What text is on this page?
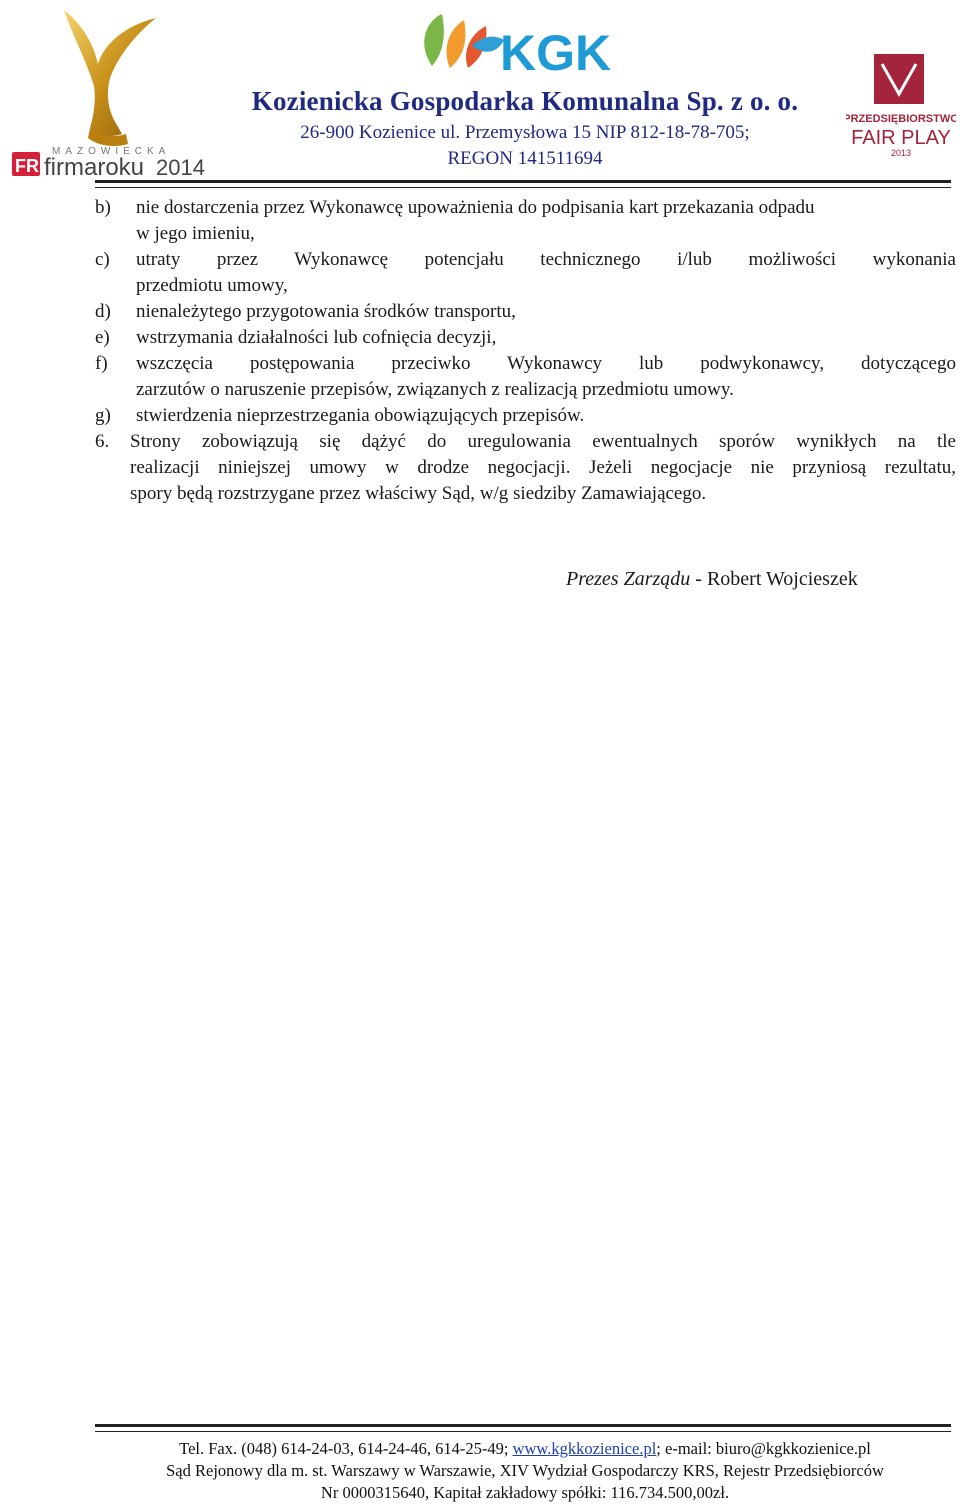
MAZOWIECKA
FR firmaroku 2014
KGK
Kozienicka Gospodarka Komunalna Sp. z o. o.
26-900 Kozienice ul. Przemysłowa 15 NIP 812-18-78-705;
REGON 141511694
PRZEDSIĘBIORSTWO
FAIR PLAY
2013
b) nie dostarczenia przez Wykonawcę upoważnienia do podpisania kart przekazania odpadu
w jego imieniu,
c) utraty przez Wykonawcę potencjału technicznego i/lub możliwości wykonania
przedmiotu umowy,
d) nienależytego przygotowania środków transportu,
e) wstrzymania działalności lub cofnięcia decyzji,
f) wszczęcia postępowania przeciwko Wykonawcy lub podwykonawcy, dotyczącego
zarzutów o naruszenie przepisów, związanych z realizacją przedmiotu umowy.
g) stwierdzenia nieprzestrzegania obowiązujących przepisów.
6. Strony zobowiązują się dążyć do uregulowania ewentualnych sporów wynikłych na tle
realizacji niniejszej umowy w drodze negocjacji. Jeżeli negocjacje nie przyniosą rezultatu,
spory będą rozstrzygane przez właściwy Sąd, w/g siedziby Zamawiającego.
Prezes Zarządu - Robert Wojcieszek
Tel. Fax. (048) 614-24-03, 614-24-46, 614-25-49; www.kgkkozienice.pl; e-mail: biuro@kgkkozienice.pl
Sąd Rejonowy dla m. st. Warszawy w Warszawie, XIV Wydział Gospodarczy KRS, Rejestr Przedsiębiorców
Nr 0000315640, Kapitał zakładowy spółki: 116.734.500,00zł.
